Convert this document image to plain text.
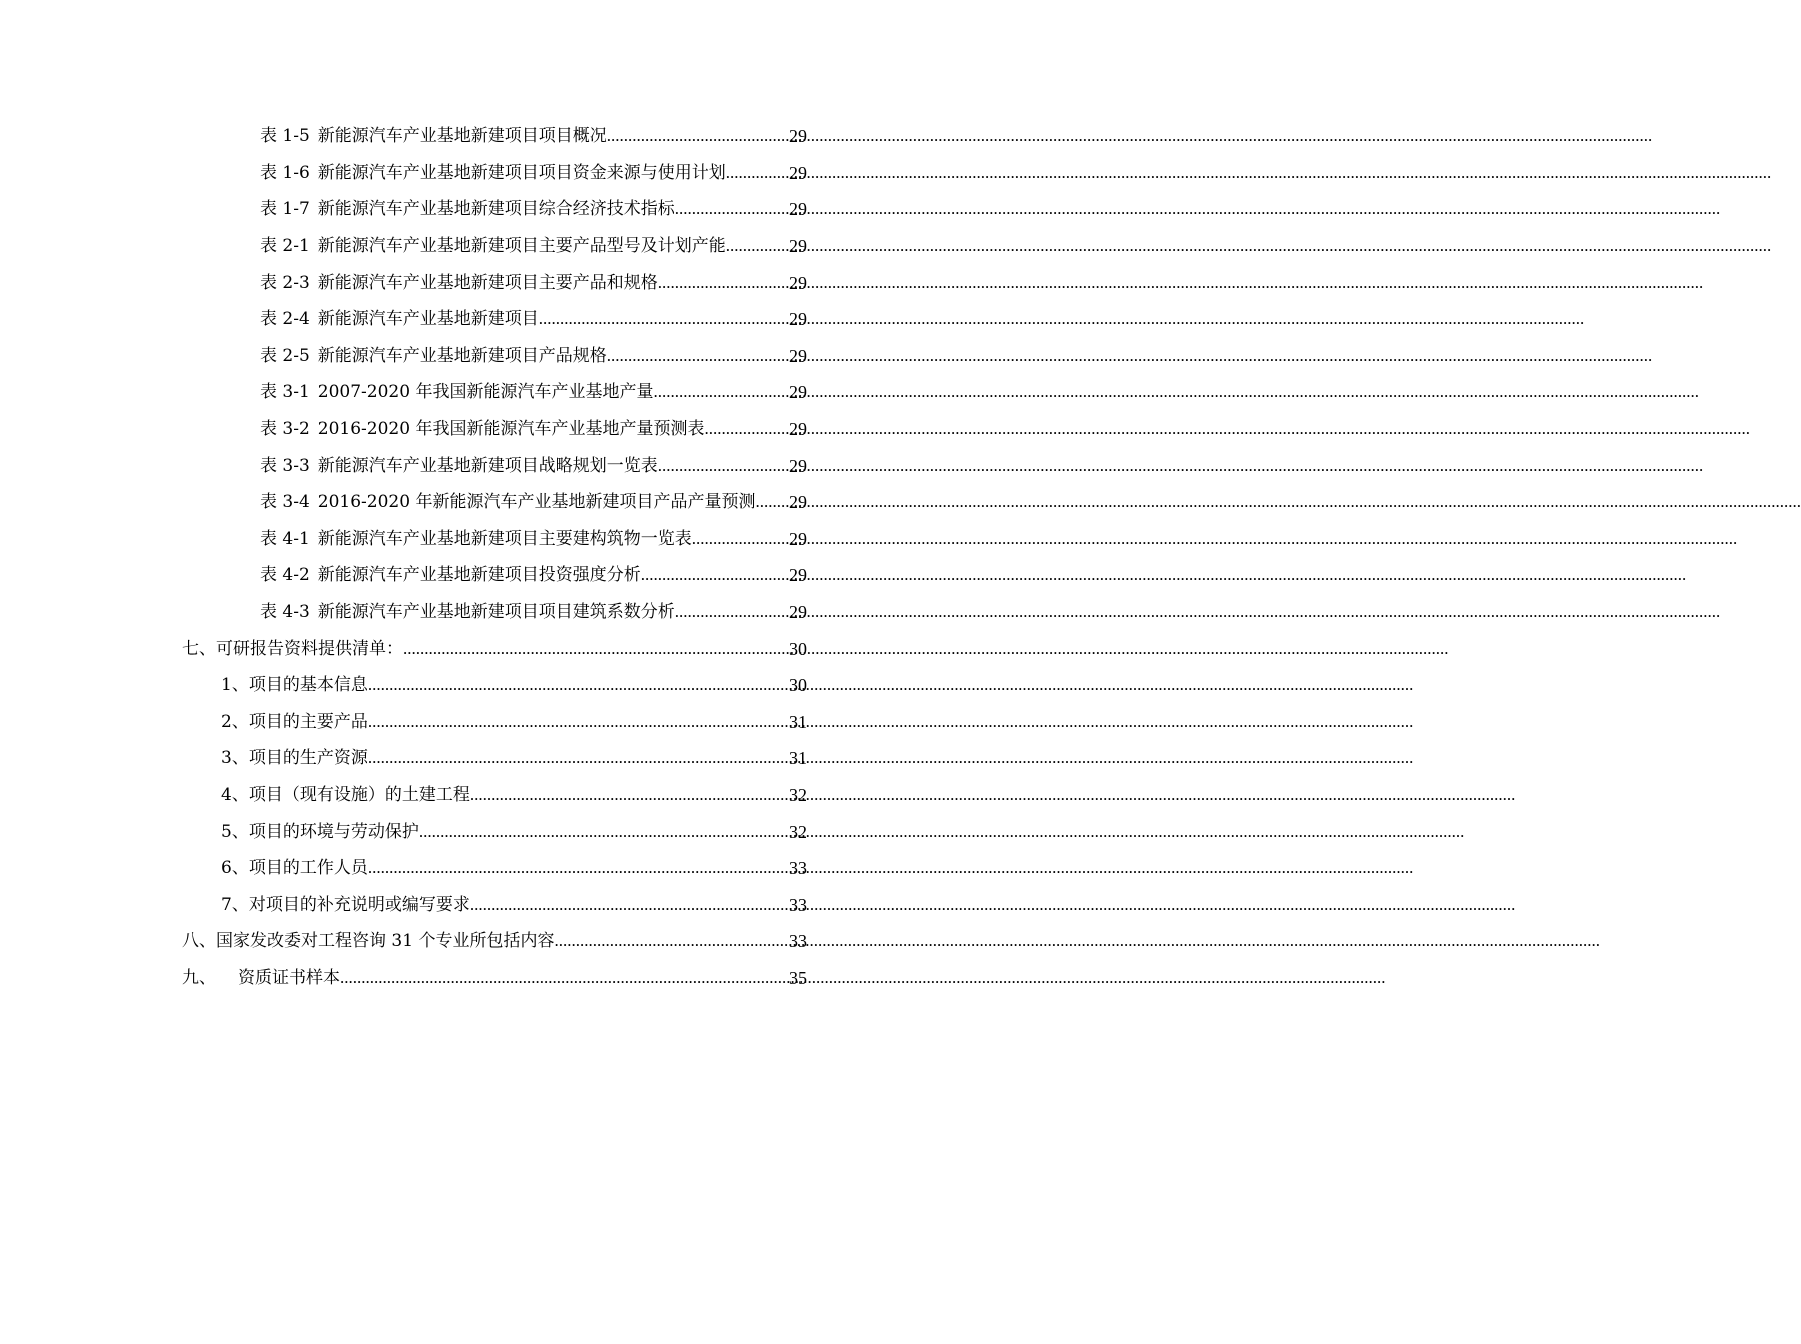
表 1-5 新能源汽车产业基地新建项目项目概况 .....	29
表 1-6 新能源汽车产业基地新建项目项目资金来源与使用计划 .....	29
表 1-7 新能源汽车产业基地新建项目综合经济技术指标 .....	29
表 2-1 新能源汽车产业基地新建项目主要产品型号及计划产能 .....	29
表 2-3 新能源汽车产业基地新建项目主要产品和规格 .....	29
表 2-4 新能源汽车产业基地新建项目 .....	29
表 2-5 新能源汽车产业基地新建项目产品规格 .....	29
表 3-1 2007-2020 年我国新能源汽车产业基地产量 .....	29
表 3-2 2016-2020 年我国新能源汽车产业基地产量预测表 .....	29
表 3-3 新能源汽车产业基地新建项目战略规划一览表 .....	29
表 3-4 2016-2020 年新能源汽车产业基地新建项目产品产量预测 ..... 29
表 4-1 新能源汽车产业基地新建项目主要建构筑物一览表 .....	29
表 4-2 新能源汽车产业基地新建项目投资强度分析 .....	29
表 4-3 新能源汽车产业基地新建项目项目建筑系数分析 .....	29
七、可研报告资料提供清单： .....	30
1、项目的基本信息 .....	30
2、项目的主要产品 .....	31
3、项目的生产资源 .....	31
4、项目（现有设施）的土建工程 .....	32
5、项目的环境与劳动保护 .....	32
6、项目的工作人员 .....	33
7、对项目的补充说明或编写要求 .....	33
八、国家发改委对工程咨询 31 个专业所包括内容 .....	33
九、 资质证书样本 .....	35
